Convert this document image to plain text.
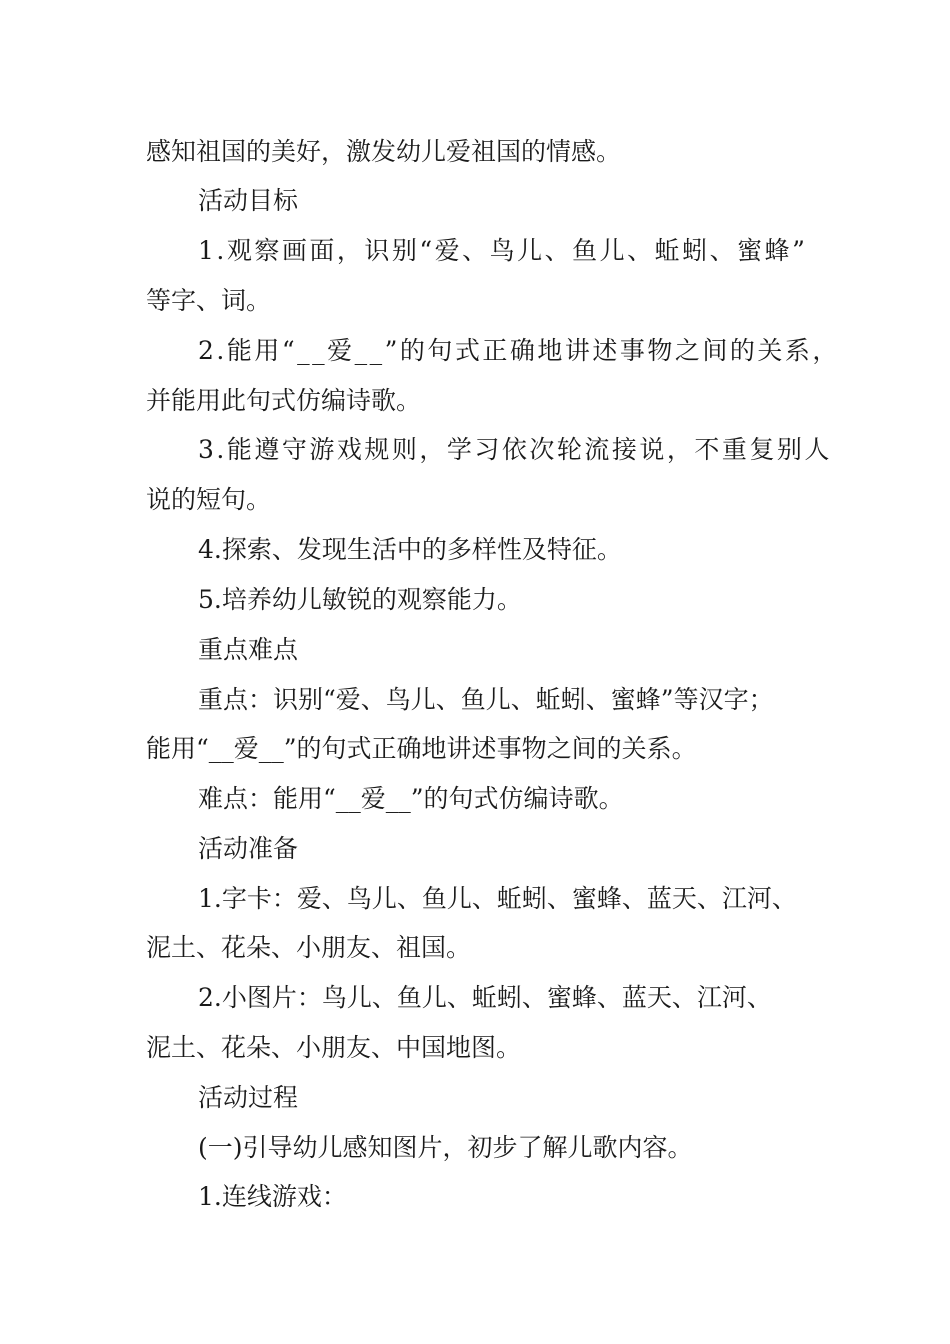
感知祖国的美好，激发幼儿爱祖国的情感。
活动目标
1.观察画面，识别“爱、鸟儿、鱼儿、蚯蚓、蜜蜂”
等字、词。
2.能用“__爱__”的句式正确地讲述事物之间的关系，
并能用此句式仿编诗歌。
3.能遵守游戏规则，学习依次轮流接说，不重复别人
说的短句。
4.探索、发现生活中的多样性及特征。
5.培养幼儿敏锐的观察能力。
重点难点
重点：识别“爱、鸟儿、鱼儿、蚯蚓、蜜蜂”等汉字；
能用“__爱__”的句式正确地讲述事物之间的关系。
难点：能用“__爱__”的句式仿编诗歌。
活动准备
1.字卡：爱、鸟儿、鱼儿、蚯蚓、蜜蜂、蓝天、江河、
泥土、花朵、小朋友、祖国。
2.小图片：鸟儿、鱼儿、蚯蚓、蜜蜂、蓝天、江河、
泥土、花朵、小朋友、中国地图。
活动过程
(一)引导幼儿感知图片，初步了解儿歌内容。
1.连线游戏：
